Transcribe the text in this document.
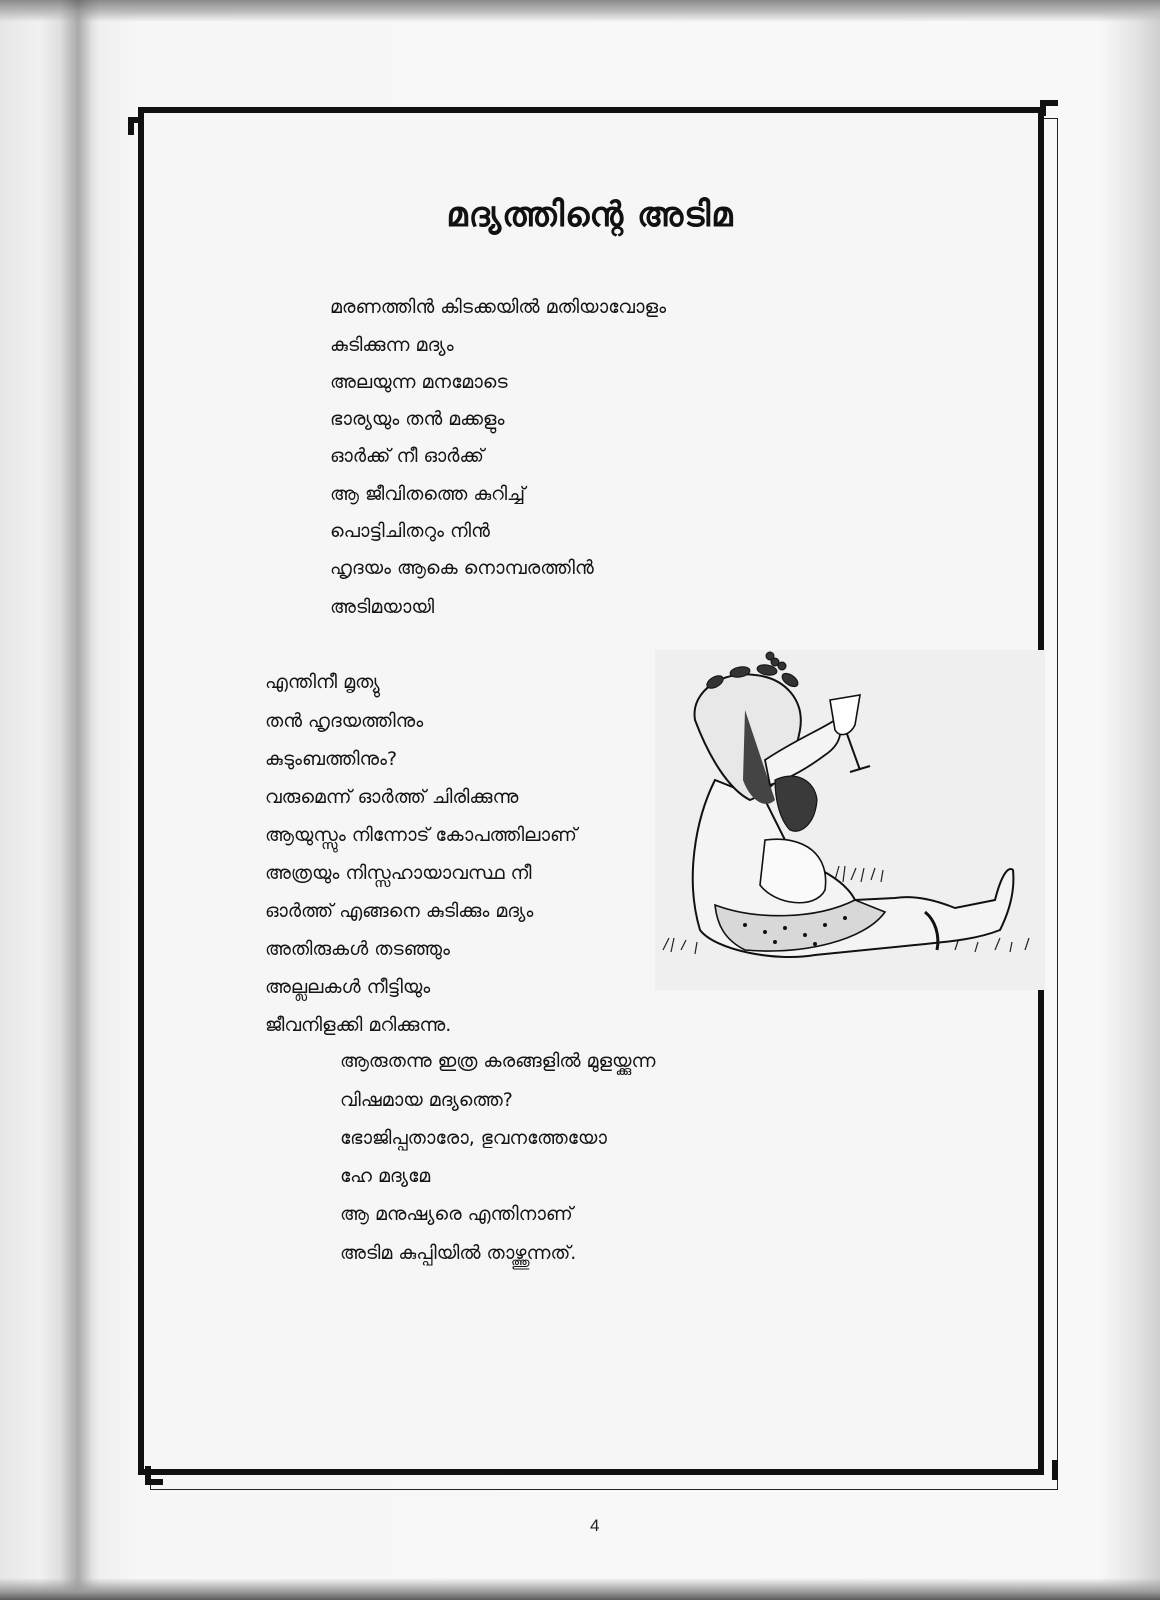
മദ്യത്തിന്റെ അടിമ
മരണത്തിൻ കിടക്കയിൽ മതിയാവോളം
കുടിക്കുന്ന മദ്യം
അലയുന്ന മനമോടെ
ഭാര്യയും തൻ മക്കളും
ഓർക്ക് നീ ഓർക്ക്
ആ ജീവിതത്തെ കുറിച്ച്
പൊട്ടിചിതറും നിൻ
ഹൃദയം ആകെ നൊമ്പരത്തിൻ
അടിമയായി
എന്തിനീ മൃത്യു
തൻ ഹൃദയത്തിനും
കുടുംബത്തിനും?
വരുമെന്ന് ഓർത്ത് ചിരിക്കുന്നു
ആയുസ്സും നിന്നോട് കോപത്തിലാണ്
അത്രയും നിസ്സഹായാവസ്ഥ നീ
ഓർത്ത് എങ്ങനെ കുടിക്കും മദ്യം
അതിരുകൾ തടഞ്ഞും
അല്ലലകൾ നീട്ടിയും
ജീവനിളക്കി മറിക്കുന്നു.
ആരുതന്നു ഇത്ര കരങ്ങളിൽ മുളയ്ക്കുന്ന
വിഷമായ മദ്യത്തെ?
ഭോജിപ്പതാരോ, ഭുവനത്തേയോ
ഹേ മദ്യമേ
ആ മനുഷ്യരെ എന്തിനാണ്
അടിമ കുപ്പിയിൽ താഴ്ത്തുന്നത്.
4
